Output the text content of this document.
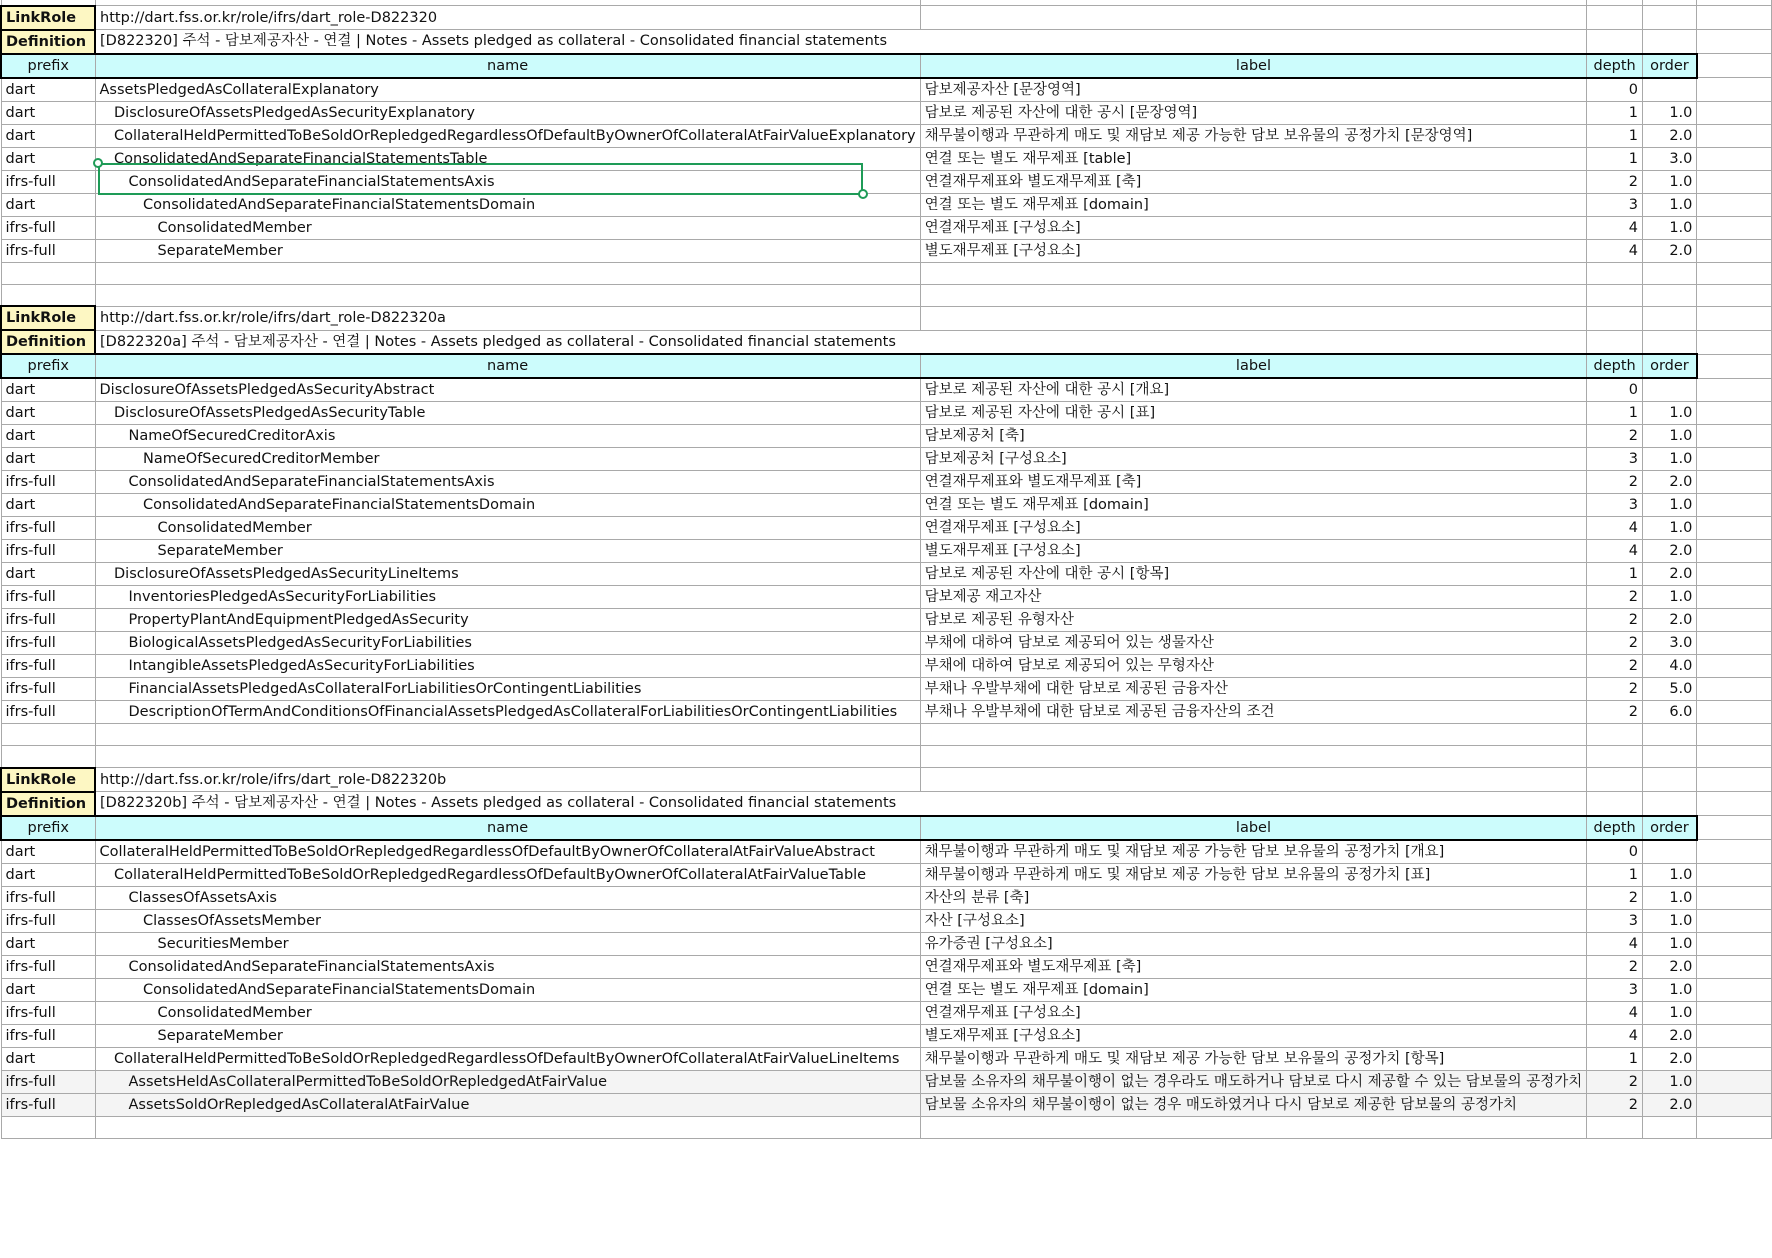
LinkRole	http://dart.fss.or.kr/role/ifrs/dart_role-D822320				
Definition	[D822320] 주석 - 담보제공자산 - 연결 | Notes - Assets pledged as collateral - Consolidated financial statements				
prefix	name	label	depth	order	
dart	AssetsPledgedAsCollateralExplanatory	담보제공자산 [문장영역]	0		
dart	DisclosureOfAssetsPledgedAsSecurityExplanatory	담보로 제공된 자산에 대한 공시 [문장영역]	1	1.0	
dart	CollateralHeldPermittedToBeSoldOrRepledgedRegardlessOfDefaultByOwnerOfCollateralAtFairValueExplanatory	채무불이행과 무관하게 매도 및 재담보 제공 가능한 담보 보유물의 공정가치 [문장영역]	1	2.0	
dart	ConsolidatedAndSeparateFinancialStatementsTable	연결 또는 별도 재무제표 [table]	1	3.0	
ifrs-full	ConsolidatedAndSeparateFinancialStatementsAxis	연결재무제표와 별도재무제표 [축]	2	1.0	
dart	ConsolidatedAndSeparateFinancialStatementsDomain	연결 또는 별도 재무제표 [domain]	3	1.0	
ifrs-full	ConsolidatedMember	연결재무제표 [구성요소]	4	1.0	
ifrs-full	SeparateMember	별도재무제표 [구성요소]	4	2.0	

LinkRole	http://dart.fss.or.kr/role/ifrs/dart_role-D822320a				
Definition	[D822320a] 주석 - 담보제공자산 - 연결 | Notes - Assets pledged as collateral - Consolidated financial statements				
prefix	name	label	depth	order	
dart	DisclosureOfAssetsPledgedAsSecurityAbstract	담보로 제공된 자산에 대한 공시 [개요]	0		
dart	DisclosureOfAssetsPledgedAsSecurityTable	담보로 제공된 자산에 대한 공시 [표]	1	1.0	
dart	NameOfSecuredCreditorAxis	담보제공처 [축]	2	1.0	
dart	NameOfSecuredCreditorMember	담보제공처 [구성요소]	3	1.0	
ifrs-full	ConsolidatedAndSeparateFinancialStatementsAxis	연결재무제표와 별도재무제표 [축]	2	2.0	
dart	ConsolidatedAndSeparateFinancialStatementsDomain	연결 또는 별도 재무제표 [domain]	3	1.0	
ifrs-full	ConsolidatedMember	연결재무제표 [구성요소]	4	1.0	
ifrs-full	SeparateMember	별도재무제표 [구성요소]	4	2.0	
dart	DisclosureOfAssetsPledgedAsSecurityLineItems	담보로 제공된 자산에 대한 공시 [항목]	1	2.0	
ifrs-full	InventoriesPledgedAsSecurityForLiabilities	담보제공 재고자산	2	1.0	
ifrs-full	PropertyPlantAndEquipmentPledgedAsSecurity	담보로 제공된 유형자산	2	2.0	
ifrs-full	BiologicalAssetsPledgedAsSecurityForLiabilities	부채에 대하여 담보로 제공되어 있는 생물자산	2	3.0	
ifrs-full	IntangibleAssetsPledgedAsSecurityForLiabilities	부채에 대하여 담보로 제공되어 있는 무형자산	2	4.0	
ifrs-full	FinancialAssetsPledgedAsCollateralForLiabilitiesOrContingentLiabilities	부채나 우발부채에 대한 담보로 제공된 금융자산	2	5.0	
ifrs-full	DescriptionOfTermAndConditionsOfFinancialAssetsPledgedAsCollateralForLiabilitiesOrContingentLiabilities	부채나 우발부채에 대한 담보로 제공된 금융자산의 조건	2	6.0	

LinkRole	http://dart.fss.or.kr/role/ifrs/dart_role-D822320b				
Definition	[D822320b] 주석 - 담보제공자산 - 연결 | Notes - Assets pledged as collateral - Consolidated financial statements				
prefix	name	label	depth	order	
dart	CollateralHeldPermittedToBeSoldOrRepledgedRegardlessOfDefaultByOwnerOfCollateralAtFairValueAbstract	채무불이행과 무관하게 매도 및 재담보 제공 가능한 담보 보유물의 공정가치 [개요]	0		
dart	CollateralHeldPermittedToBeSoldOrRepledgedRegardlessOfDefaultByOwnerOfCollateralAtFairValueTable	채무불이행과 무관하게 매도 및 재담보 제공 가능한 담보 보유물의 공정가치 [표]	1	1.0	
ifrs-full	ClassesOfAssetsAxis	자산의 분류 [축]	2	1.0	
ifrs-full	ClassesOfAssetsMember	자산 [구성요소]	3	1.0	
dart	SecuritiesMember	유가증권 [구성요소]	4	1.0	
ifrs-full	ConsolidatedAndSeparateFinancialStatementsAxis	연결재무제표와 별도재무제표 [축]	2	2.0	
dart	ConsolidatedAndSeparateFinancialStatementsDomain	연결 또는 별도 재무제표 [domain]	3	1.0	
ifrs-full	ConsolidatedMember	연결재무제표 [구성요소]	4	1.0	
ifrs-full	SeparateMember	별도재무제표 [구성요소]	4	2.0	
dart	CollateralHeldPermittedToBeSoldOrRepledgedRegardlessOfDefaultByOwnerOfCollateralAtFairValueLineItems	채무불이행과 무관하게 매도 및 재담보 제공 가능한 담보 보유물의 공정가치 [항목]	1	2.0	
ifrs-full	AssetsHeldAsCollateralPermittedToBeSoldOrRepledgedAtFairValue	담보물 소유자의 채무불이행이 없는 경우라도 매도하거나 담보로 다시 제공할 수 있는 담보물의 공정가치	2	1.0	
ifrs-full	AssetsSoldOrRepledgedAsCollateralAtFairValue	담보물 소유자의 채무불이행이 없는 경우 매도하였거나 다시 담보로 제공한 담보물의 공정가치	2	2.0	
